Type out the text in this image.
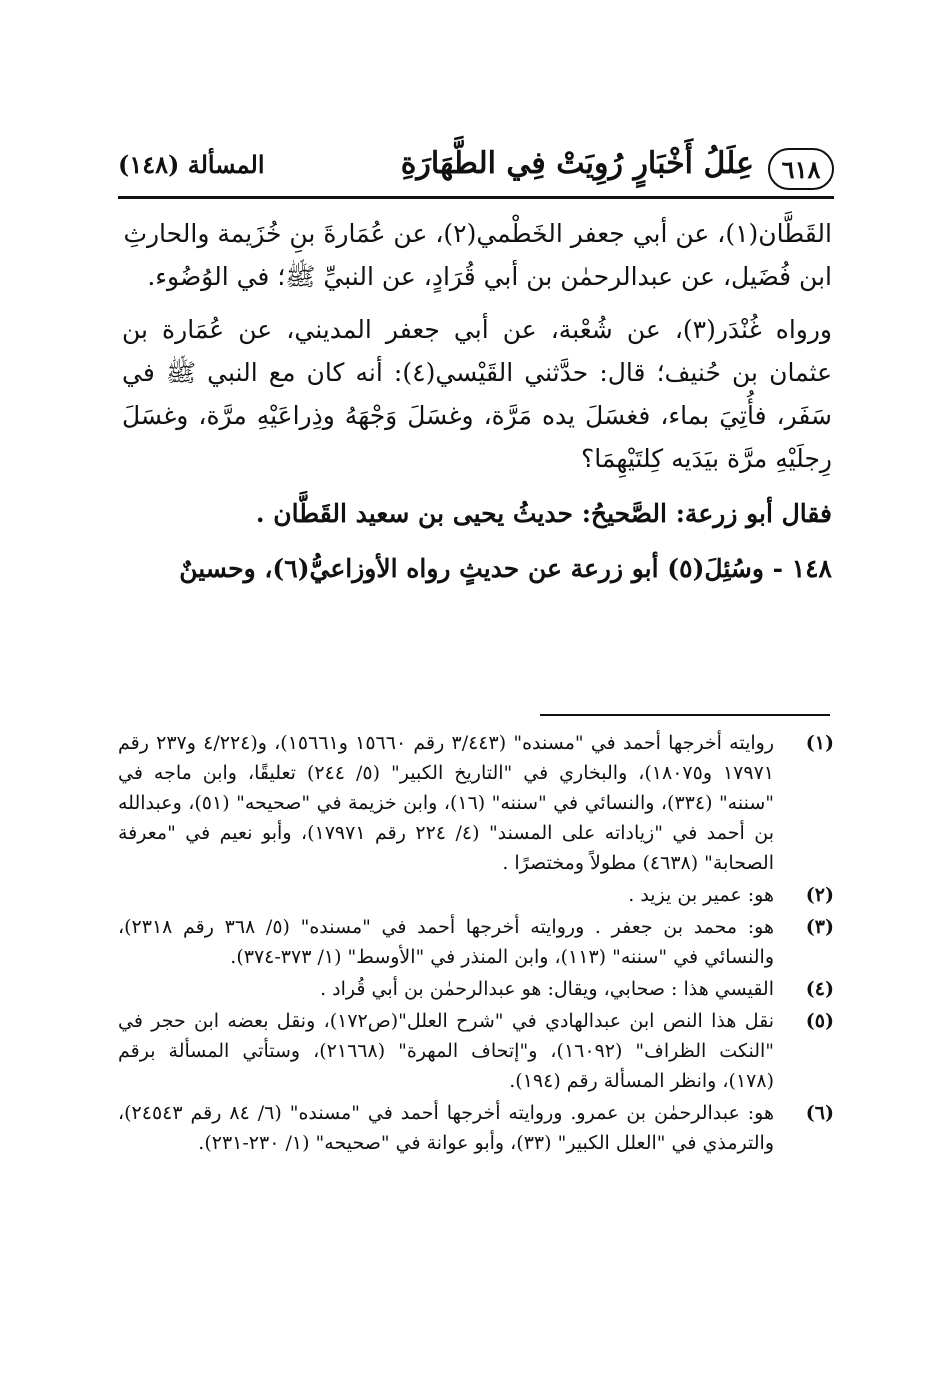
٦١٨
عِلَلُ أَخْبَارٍ رُوِيَتْ فِي الطَّهَارَةِ
المسألة (١٤٨)

القَطَّان(١)، عن أبي جعفر الخَطْمي(٢)، عن عُمَارةَ بنِ خُزَيمة والحارثِ

ابن فُضَيل، عن عبدالرحمٰن بن أبي قُرَادٍ، عن النبيِّ ﷺ؛ في الوُضُوء.

ورواه غُنْدَر(٣)، عن شُعْبة، عن أبي جعفر المديني، عن عُمَارة بن عثمان بن حُنيف؛ قال: حدَّثني القَيْسي(٤): أنه كان مع النبي ﷺ في سَفَر، فأُتِيَ بماء، فغسَلَ يده مَرَّة، وغسَلَ وَجْهَهُ وذِراعَيْهِ مرَّة، وغسَلَ رِجلَيْهِ مرَّة بيَدَيه كِلتَيْهِمَا؟

فقال أبو زرعة: الصَّحيحُ: حديثُ يحيى بن سعيد القَطَّان .

١٤٨ - وسُئِلَ(٥) أبو زرعة عن حديثٍ رواه الأوزاعيُّ(٦)، وحسينٌ

(١)
روايته أخرجها أحمد في "مسنده" (٣/٤٤٣ رقم ١٥٦٦٠ و١٥٦٦١)، و(٤/٢٢٤ و٢٣٧ رقم ١٧٩٧١ و١٨٠٧٥)، والبخاري في "التاريخ الكبير" (٥/ ٢٤٤) تعليقًا، وابن ماجه في "سننه" (٣٣٤)، والنسائي في "سننه" (١٦)، وابن خزيمة في "صحيحه" (٥١)، وعبدالله بن أحمد في "زياداته على المسند" (٤/ ٢٢٤ رقم ١٧٩٧١)، وأبو نعيم في "معرفة الصحابة" (٤٦٣٨) مطولاً ومختصرًا .
(٢)
هو: عمير بن يزيد .
(٣)
هو: محمد بن جعفر . وروايته أخرجها أحمد في "مسنده" (٥/ ٣٦٨ رقم ٢٣١٨)، والنسائي في "سننه" (١١٣)، وابن المنذر في "الأوسط" (١/ ٣٧٣-٣٧٤).
(٤)
القيسي هذا : صحابي، ويقال: هو عبدالرحمٰن بن أبي قُراد .
(٥)
نقل هذا النص ابن عبدالهادي في "شرح العلل"(ص١٧٢)، ونقل بعضه ابن حجر في "النكت الظراف" (١٦٠٩٢)، و"إتحاف المهرة" (٢١٦٦٨)، وستأتي المسألة برقم (١٧٨)، وانظر المسألة رقم (١٩٤).
(٦)
هو: عبدالرحمٰن بن عمرو. وروايته أخرجها أحمد في "مسنده" (٦/ ٨٤ رقم ٢٤٥٤٣)، والترمذي في "العلل الكبير" (٣٣)، وأبو عوانة في "صحيحه" (١/ ٢٣٠-٢٣١).
